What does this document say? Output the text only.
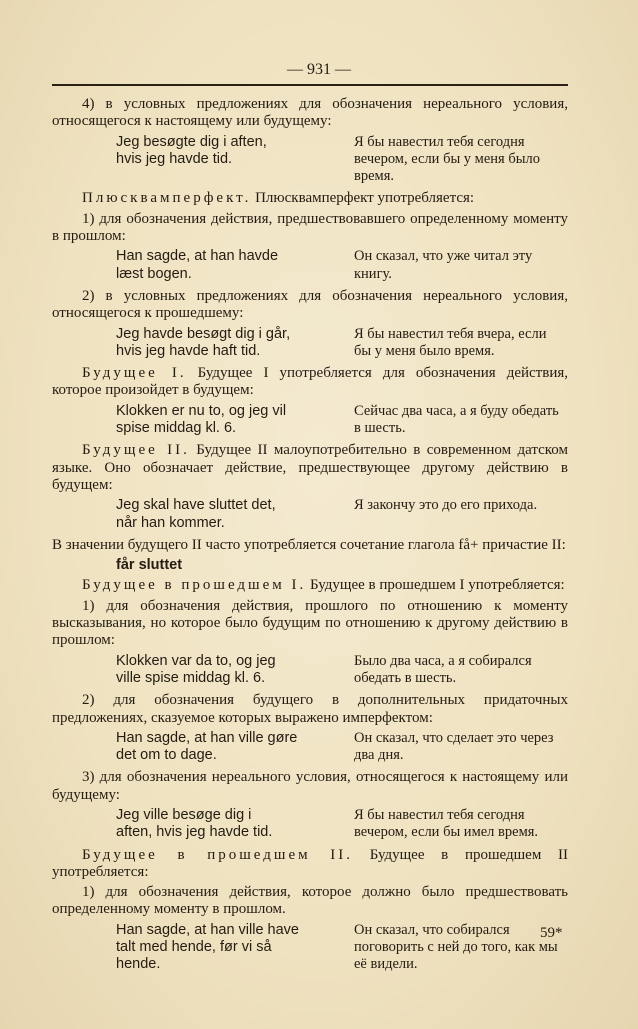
— 931 —

4) в условных предложениях для обозначения нереального условия, относящегося к настоящему или будущему:

Jeg besøgte dig i aften,
hvis jeg havde tid.
Я бы навестил тебя сегодня вечером, если бы у меня было время.

Плюсквамперфект. Плюсквамперфект употребляется:

1) для обозначения действия, предшествовавшего определенному моменту в прошлом:

Han sagde, at han havde
læst bogen.
Он сказал, что уже читал эту книгу.

2) в условных предложениях для обозначения нереального условия, относящегося к прошедшему:

Jeg havde besøgt dig i går,
hvis jeg havde haft tid.
Я бы навестил тебя вчера, если бы у меня было время.

Будущее I. Будущее I употребляется для обозначения действия, которое произойдет в будущем:

Klokken er nu to, og jeg vil
spise middag kl. 6.
Сейчас два часа, а я буду обедать в шесть.

Будущее II. Будущее II малоупотребительно в современном датском языке. Оно обозначает действие, предшествующее другому действию в будущем:

Jeg skal have sluttet det,
når han kommer.
Я закончу это до его прихода.

В значении будущего II часто употребляется сочетание глагола få+ причастие II:

får sluttet

Будущее в прошедшем I. Будущее в прошедшем I употребляется:

1) для обозначения действия, прошлого по отношению к моменту высказывания, но которое было будущим по отношению к другому действию в прошлом:

Klokken var da to, og jeg
ville spise middag kl. 6.
Было два часа, а я собирался обедать в шесть.

2) для обозначения будущего в дополнительных придаточных предложениях, сказуемое которых выражено имперфектом:

Han sagde, at han ville gøre
det om to dage.
Он сказал, что сделает это через два дня.

3) для обозначения нереального условия, относящегося к настоящему или будущему:

Jeg ville besøge dig i
aften, hvis jeg havde tid.
Я бы навестил тебя сегодня вечером, если бы имел время.

Будущее в прошедшем II. Будущее в прошедшем II употребляется:

1) для обозначения действия, которое должно было предшествовать определенному моменту в прошлом.

Han sagde, at han ville have
talt med hende, før vi så
hende.
Он сказал, что собирался поговорить с ней до того, как мы её видели.
59*
